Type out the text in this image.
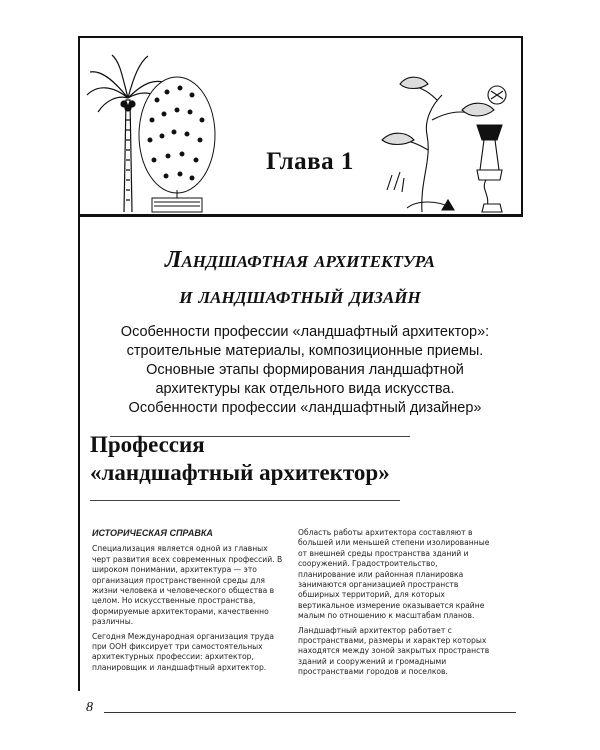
Глава 1
Ландшафтная архитектура
и ландшафтный дизайн
Особенности профессии «ландшафтный архитектор»:
строительные материалы, композиционные приемы.
Основные этапы формирования ландшафтной
архитектуры как отдельного вида искусства.
Особенности профессии «ландшафтный дизайнер»
Профессия
«ландшафтный архитектор»

ИСТОРИЧЕСКАЯ СПРАВКА

Специализация является одной из главных черт развития всех современных профессий. В широком понимании, архитектура — это организация пространственной среды для жизни человека и человеческого общества в целом. Но искусственные пространства, формируемые архитекторами, качественно различны.

Сегодня Международная организация труда при ООН фиксирует три самостоятельных архитектурных профессии: архитектор, планировщик и ландшафтный архитектор.

Область работы архитектора составляют в большей или меньшей степени изолированные от внешней среды пространства зданий и сооружений. Градостроительство, планирование или районная планировка занимаются организацией пространств обширных территорий, для которых вертикальное измерение оказывается крайне малым по отношению к масштабам планов.

Ландшафтный архитектор работает с пространствами, размеры и характер которых находятся между зоной закрытых пространств зданий и сооружений и громадными пространствами городов и поселков.

8
